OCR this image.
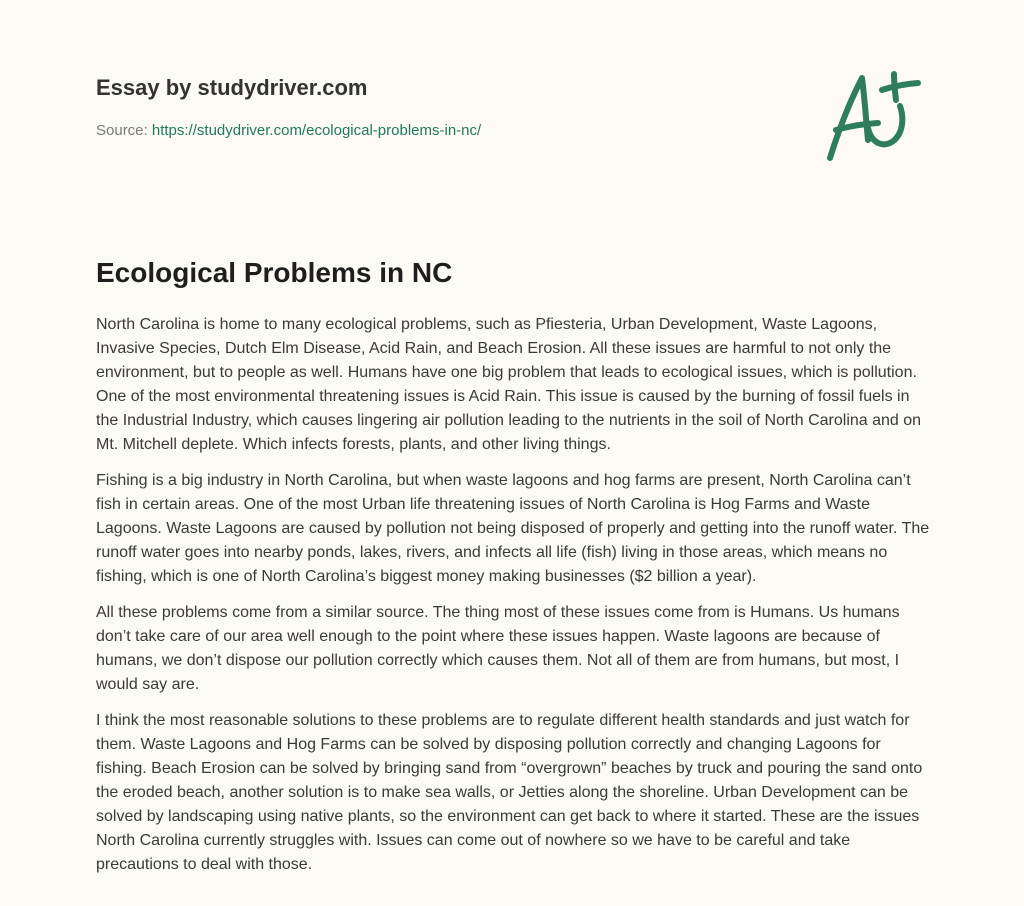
Essay by studydriver.com
Source: https://studydriver.com/ecological-problems-in-nc/
Ecological Problems in NC

North Carolina is home to many ecological problems, such as Pfiesteria, Urban Development, Waste Lagoons, Invasive Species, Dutch Elm Disease, Acid Rain, and Beach Erosion. All these issues are harmful to not only the environment, but to people as well. Humans have one big problem that leads to ecological issues, which is pollution. One of the most environmental threatening issues is Acid Rain. This issue is caused by the burning of fossil fuels in the Industrial Industry, which causes lingering air pollution leading to the nutrients in the soil of North Carolina and on Mt. Mitchell deplete. Which infects forests, plants, and other living things.

Fishing is a big industry in North Carolina, but when waste lagoons and hog farms are present, North Carolina can’t fish in certain areas. One of the most Urban life threatening issues of North Carolina is Hog Farms and Waste Lagoons. Waste Lagoons are caused by pollution not being disposed of properly and getting into the runoff water. The runoff water goes into nearby ponds, lakes, rivers, and infects all life (fish) living in those areas, which means no fishing, which is one of North Carolina’s biggest money making businesses ($2 billion a year).

All these problems come from a similar source. The thing most of these issues come from is Humans. Us humans don’t take care of our area well enough to the point where these issues happen. Waste lagoons are because of humans, we don’t dispose our pollution correctly which causes them. Not all of them are from humans, but most, I would say are.

I think the most reasonable solutions to these problems are to regulate different health standards and just watch for them. Waste Lagoons and Hog Farms can be solved by disposing pollution correctly and changing Lagoons for fishing. Beach Erosion can be solved by bringing sand from “overgrown” beaches by truck and pouring the sand onto the eroded beach, another solution is to make sea walls, or Jetties along the shoreline. Urban Development can be solved by landscaping using native plants, so the environment can get back to where it started. These are the issues North Carolina currently struggles with. Issues can come out of nowhere so we have to be careful and take precautions to deal with those.
